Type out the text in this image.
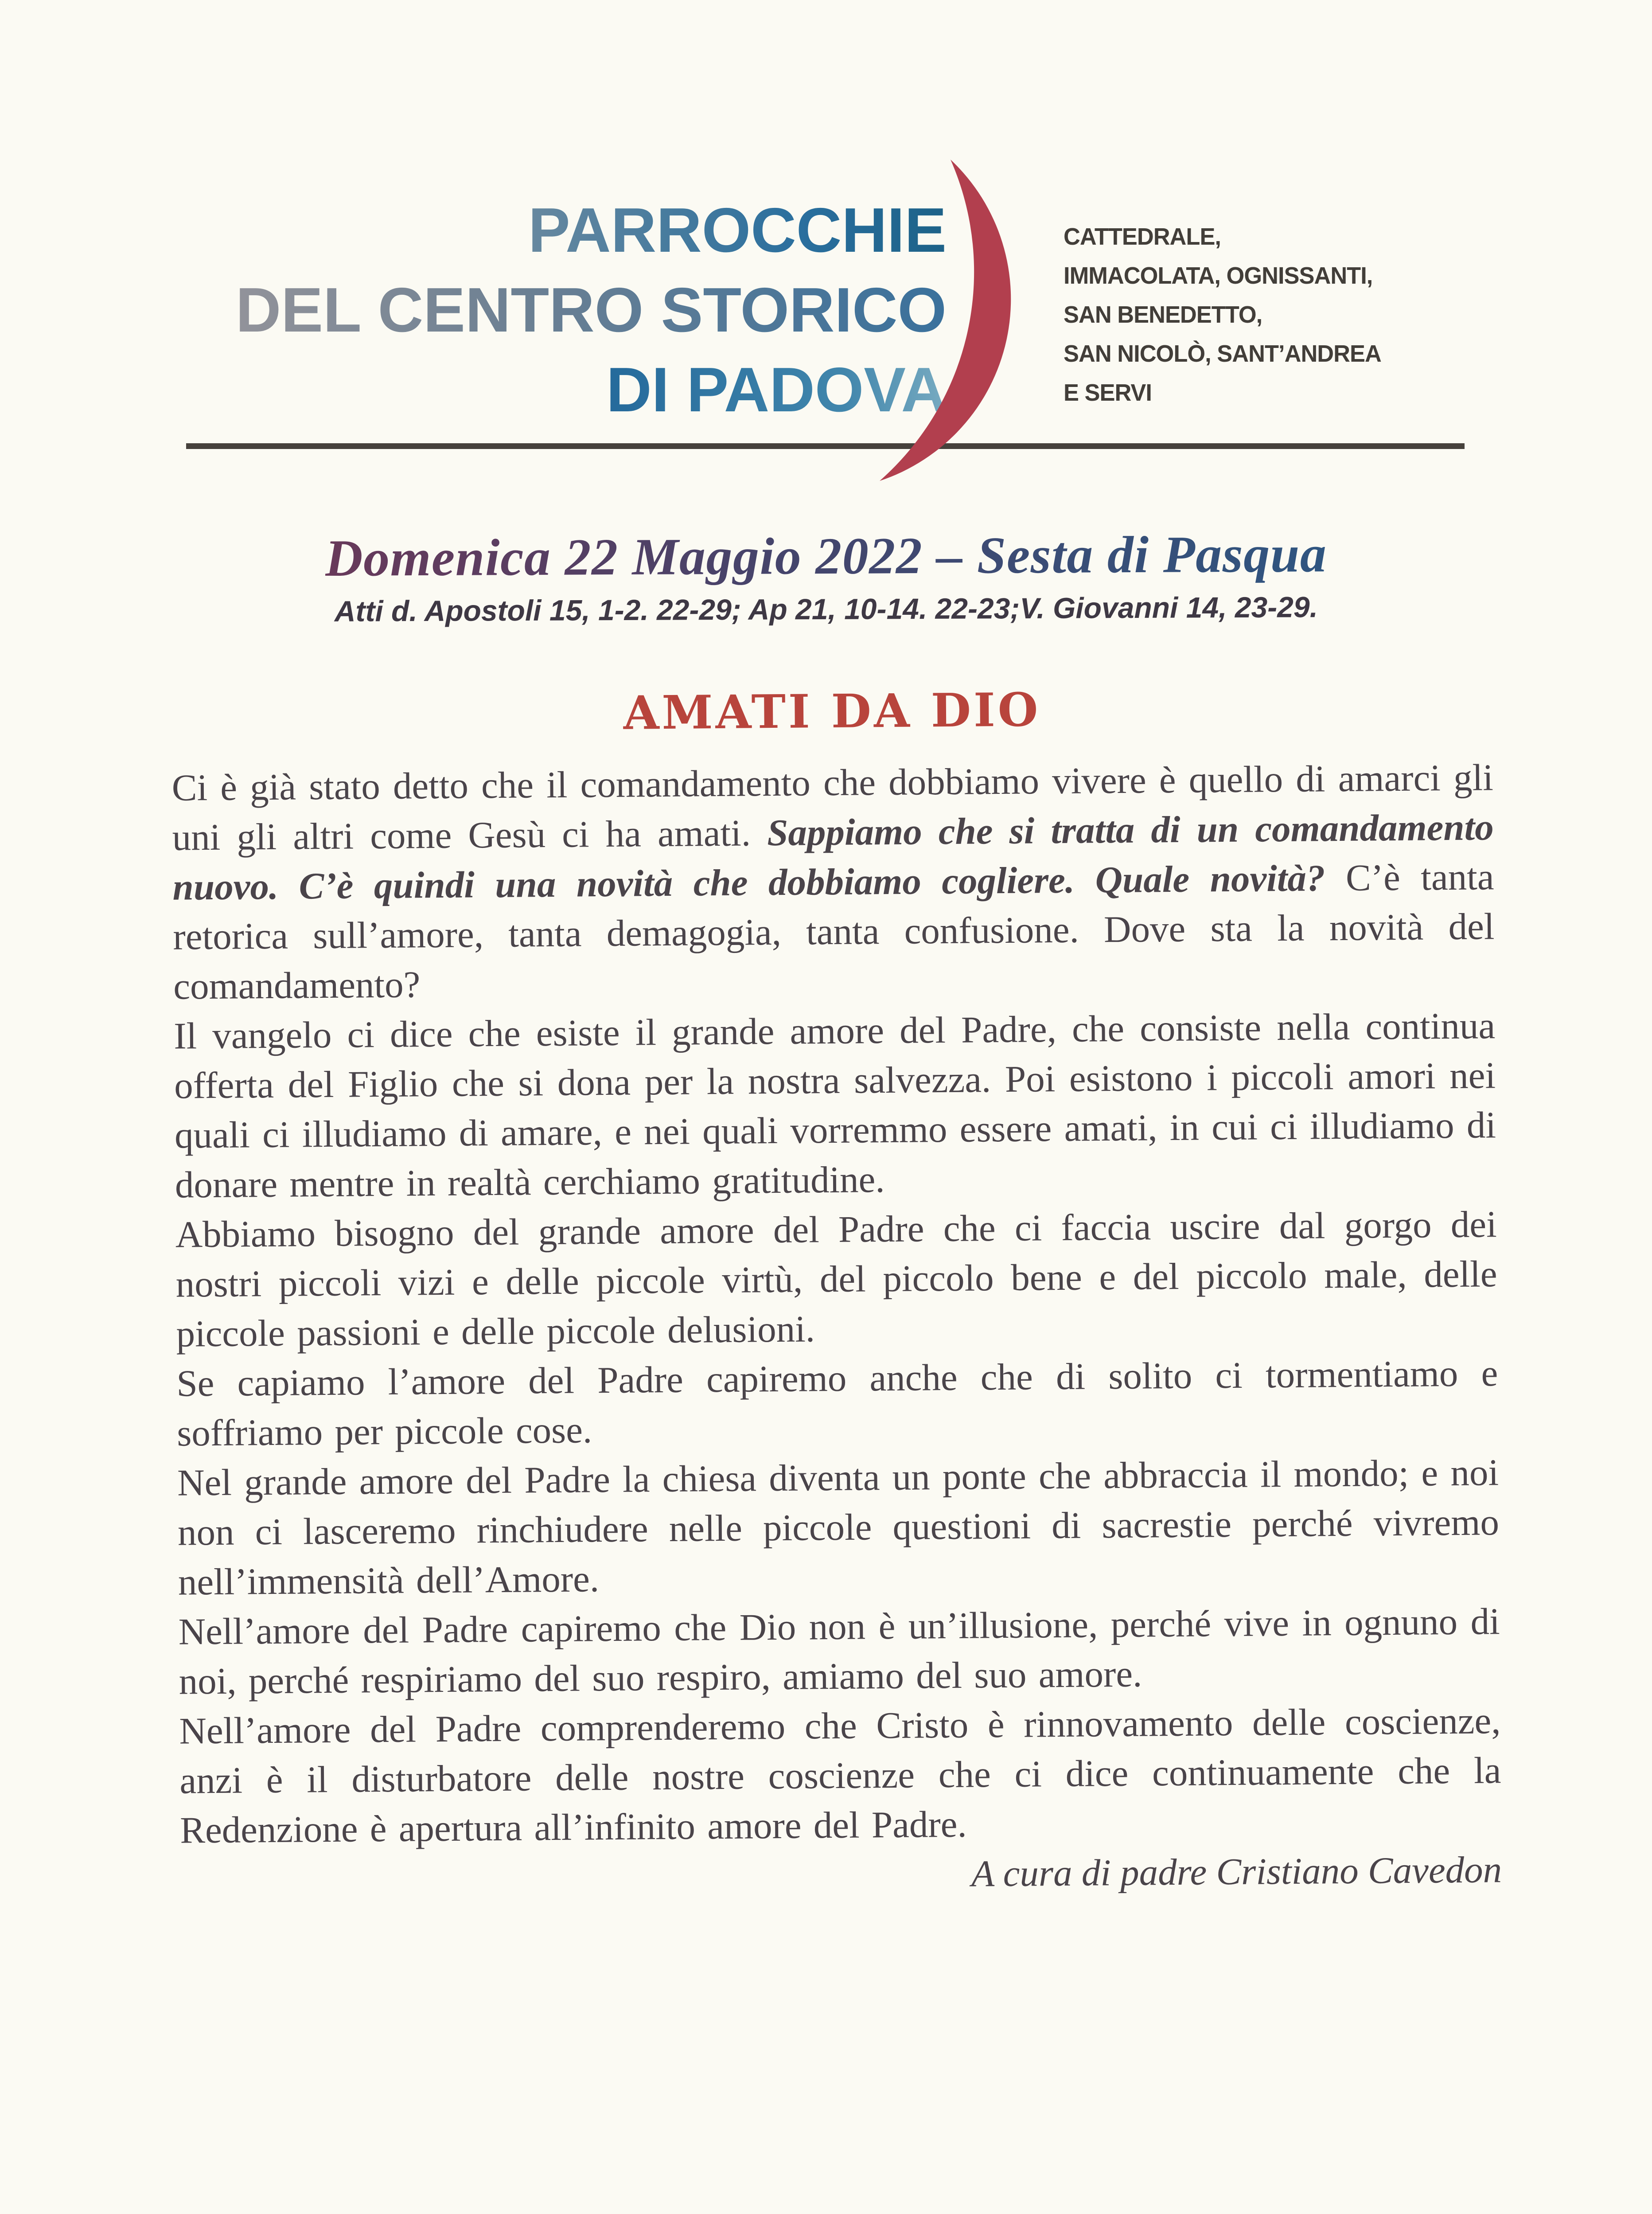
PARROCCHIE
DEL CENTRO STORICO
DI PADOVA
CATTEDRALE,
IMMACOLATA, OGNISSANTI,
SAN BENEDETTO,
SAN NICOLÒ, SANT’ANDREA
E SERVI
Domenica 22 Maggio 2022 – Sesta di Pasqua
Atti d. Apostoli 15, 1-2. 22-29; Ap 21, 10-14. 22-23;V. Giovanni 14, 23-29.
AMATI DA DIO

Ci è già stato detto che il comandamento che dobbiamo vivere è quello di amarci gli uni gli altri come Gesù ci ha amati. Sappiamo che si tratta di un comandamento nuovo. C’è quindi una novità che dobbiamo cogliere. Quale novità? C’è tanta retorica sull’amore, tanta demagogia, tanta confusione. Dove sta la novità del comandamento?

Il vangelo ci dice che esiste il grande amore del Padre, che consiste nella continua offerta del Figlio che si dona per la nostra salvezza. Poi esistono i piccoli amori nei quali ci illudiamo di amare, e nei quali vorremmo essere amati, in cui ci illudiamo di donare mentre in realtà cerchiamo gratitudine.

Abbiamo bisogno del grande amore del Padre che ci faccia uscire dal gorgo dei nostri piccoli vizi e delle piccole virtù, del piccolo bene e del piccolo male, delle piccole passioni e delle piccole delusioni.

Se capiamo l’amore del Padre capiremo anche che di solito ci tormentiamo e soffriamo per piccole cose.

Nel grande amore del Padre la chiesa diventa un ponte che abbraccia il mondo; e noi non ci lasceremo rinchiudere nelle piccole questioni di sacrestie perché vivremo nell’immensità dell’Amore.

Nell’amore del Padre capiremo che Dio non è un’illusione, perché vive in ognuno di noi, perché respiriamo del suo respiro, amiamo del suo amore.

Nell’amore del Padre comprenderemo che Cristo è rinnovamento delle coscienze, anzi è il disturbatore delle nostre coscienze che ci dice continuamente che la Redenzione è apertura all’infinito amore del Padre.

A cura di padre Cristiano Cavedon
